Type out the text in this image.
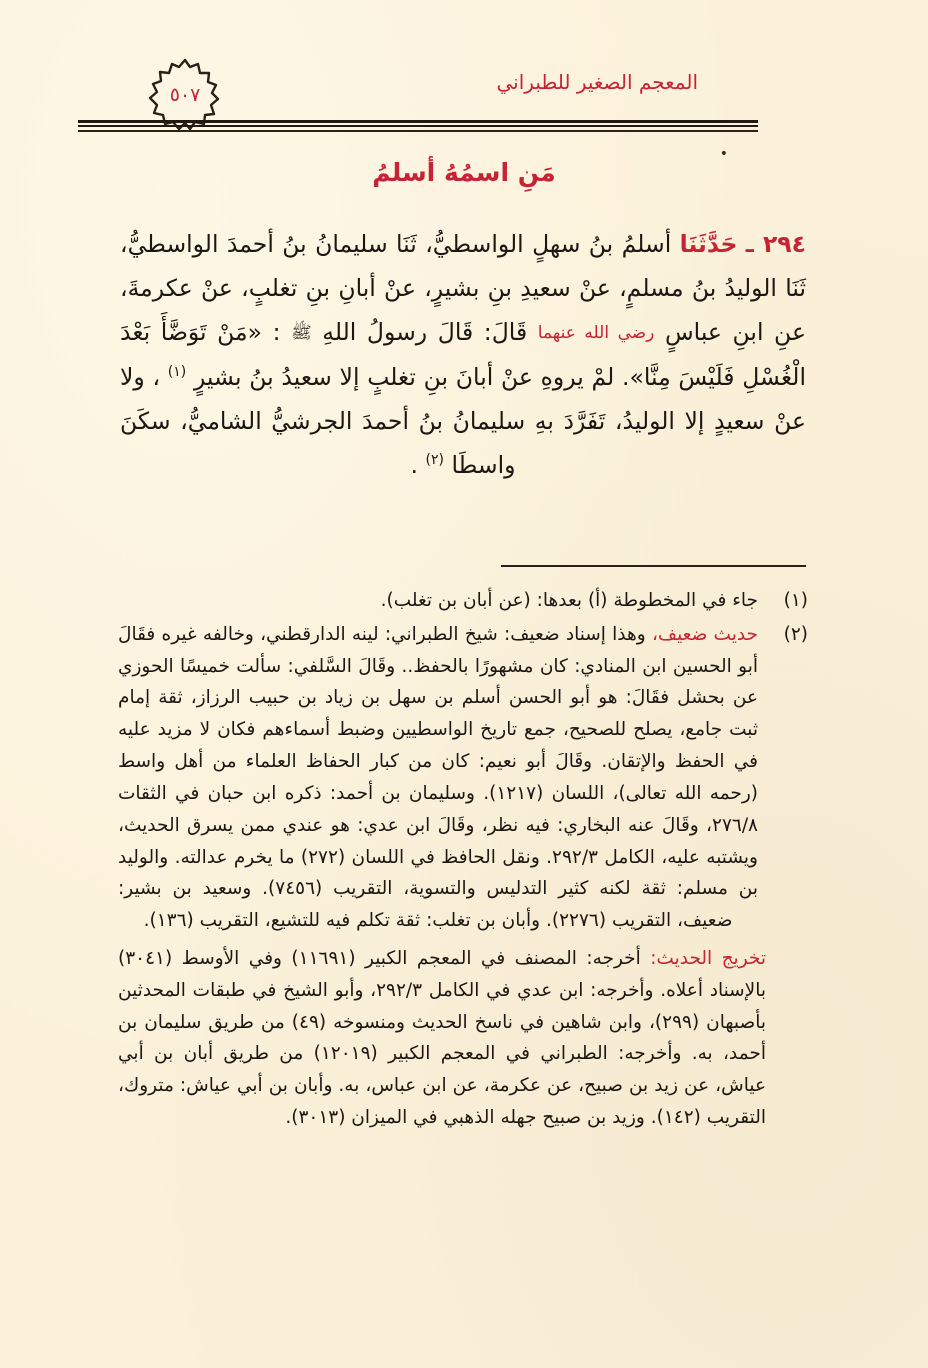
٥٠٧
المعجم الصغير للطبراني
•
مَنِ اسمُهُ أسلمُ
٢٩٤ ـ حَدَّثَنَا أسلمُ بنُ سهلٍ الواسطيُّ، ثَنَا سليمانُ بنُ أحمدَ الواسطيُّ، ثَنَا الوليدُ بنُ مسلمٍ، عنْ سعيدِ بنِ بشيرٍ، عنْ أبانِ بنِ تغلبٍ، عنْ عكرمةَ، عنِ ابنِ عباسٍ رضي الله عنهما قَالَ: قَالَ رسولُ اللهِ ﷺ : «مَنْ تَوَضَّأَ بَعْدَ الْغُسْلِ فَلَيْسَ مِنَّا». لمْ يروهِ عنْ أبانَ بنِ تغلبٍ إلا سعيدُ بنُ بشيرٍ $^{(١)}$ ، ولا عنْ سعيدٍ إلا الوليدُ، تَفَرَّدَ بهِ سليمانُ بنُ أحمدَ الجرشيُّ الشاميُّ، سكَنَ واسطَا $^{(٢)}$ .
(١)
جاء في المخطوطة (أ) بعدها: (عن أبان بن تغلب).
(٢)
حديث ضعيف، وهذا إسناد ضعيف: شيخ الطبراني: لينه الدارقطني، وخالفه غيره فقَالَ أبو الحسين ابن المنادي: كان مشهورًا بالحفظ.. وقَالَ السَّلفي: سألت خميسًا الحوزي عن بحشل فقَالَ: هو أبو الحسن أسلم بن سهل بن زياد بن حبيب الرزاز، ثقة إمام ثبت جامع، يصلح للصحيح، جمع تاريخ الواسطيين وضبط أسماءهم فكان لا مزيد عليه في الحفظ والإتقان. وقَالَ أبو نعيم: كان من كبار الحفاظ العلماء من أهل واسط (رحمه الله تعالى)، اللسان (١٢١٧). وسليمان بن أحمد: ذكره ابن حبان في الثقات ٢٧٦/٨، وقَالَ عنه البخاري: فيه نظر، وقَالَ ابن عدي: هو عندي ممن يسرق الحديث، ويشتبه عليه، الكامل ٢٩٢/٣. ونقل الحافظ في اللسان (٢٧٢) ما يخرم عدالته. والوليد بن مسلم: ثقة لكنه كثير التدليس والتسوية، التقريب (٧٤٥٦). وسعيد بن بشير: ضعيف، التقريب (٢٢٧٦). وأبان بن تغلب: ثقة تكلم فيه للتشيع، التقريب (١٣٦).
تخريج الحديث: أخرجه: المصنف في المعجم الكبير (١١٦٩١) وفي الأوسط (٣٠٤١) بالإسناد أعلاه. وأخرجه: ابن عدي في الكامل ٢٩٢/٣، وأبو الشيخ في طبقات المحدثين بأصبهان (٢٩٩)، وابن شاهين في ناسخ الحديث ومنسوخه (٤٩) من طريق سليمان بن أحمد، به. وأخرجه: الطبراني في المعجم الكبير (١٢٠١٩) من طريق أبان بن أبي عياش، عن زيد بن صبيح، عن عكرمة، عن ابن عباس، به. وأبان بن أبي عياش: متروك، التقريب (١٤٢). وزيد بن صبيح جهله الذهبي في الميزان (٣٠١٣).
